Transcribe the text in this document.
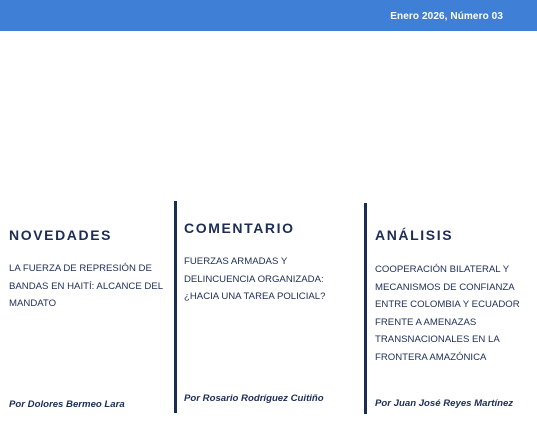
Enero 2026, Número 03
NOVEDADES

LA FUERZA DE REPRESIÓN DE BANDAS EN HAITÍ: ALCANCE DEL MANDATO

Por Dolores Bermeo Lara
COMENTARIO

FUERZAS ARMADAS Y DELINCUENCIA ORGANIZADA: ¿HACIA UNA TAREA POLICIAL?

Por Rosario Rodríguez Cuitiño
ANÁLISIS

COOPERACIÓN BILATERAL Y MECANISMOS DE CONFIANZA ENTRE COLOMBIA Y ECUADOR FRENTE A AMENAZAS TRANSNACIONALES EN LA FRONTERA AMAZÓNICA

Por Juan José Reyes Martínez
